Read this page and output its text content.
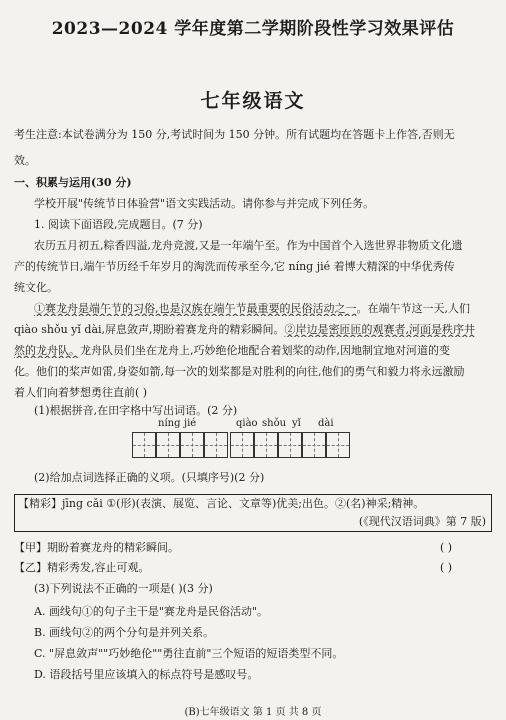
2023—2024 学年度第二学期阶段性学习效果评估
七年级语文
考生注意:本试卷满分为 150 分,考试时间为 150 分钟。所有试题均在答题卡上作答,否则无
效。
一、积累与运用(30 分)
学校开展"传统节日体验营"语文实践活动。请你参与并完成下列任务。
1. 阅读下面语段,完成题目。(7 分)
农历五月初五,粽香四溢,龙舟竞渡,又是一年端午至。作为中国首个入选世界非物质文化遗
产的传统节日,端午节历经千年岁月的淘洗而传承至今,它 níng jié 着博大精深的中华优秀传
统文化。
①赛龙舟是端午节的习俗,也是汉族在端午节最重要的民俗活动之一。在端午节这一天,人们
qiào shǒu yǐ dài,屏息敛声,期盼着赛龙舟的精彩瞬间。②岸边是密匝匝的观赛者,河面是秩序井
然的龙舟队。龙舟队员们坐在龙舟上,巧妙绝伦地配合着划桨的动作,因地制宜地对河道的变
化。他们的桨声如雷,身姿如箭,每一次的划桨都是对胜利的向往,他们的勇气和毅力将永远激励
着人们向着梦想勇往直前( )
(1)根据拼音,在田字格中写出词语。(2 分)
níng jié	qiào shǒu yǐ dài
(2)给加点词选择正确的义项。(只填序号)(2 分)
【精彩】jīng cǎi ①(形)(表演、展览、言论、文章等)优美;出色。②(名)神采;精神。
(《现代汉语词典》第 7 版)
【甲】期盼着赛龙舟的精彩瞬间。	( )
【乙】精彩秀发,容止可观。	( )
(3)下列说法不正确的一项是( )(3 分)
A. 画线句①的句子主干是"赛龙舟是民俗活动"。
B. 画线句②的两个分句是并列关系。
C. "屏息敛声""巧妙绝伦""勇往直前"三个短语的短语类型不同。
D. 语段括号里应该填入的标点符号是感叹号。
(B)七年级语文 第 1 页 共 8 页
